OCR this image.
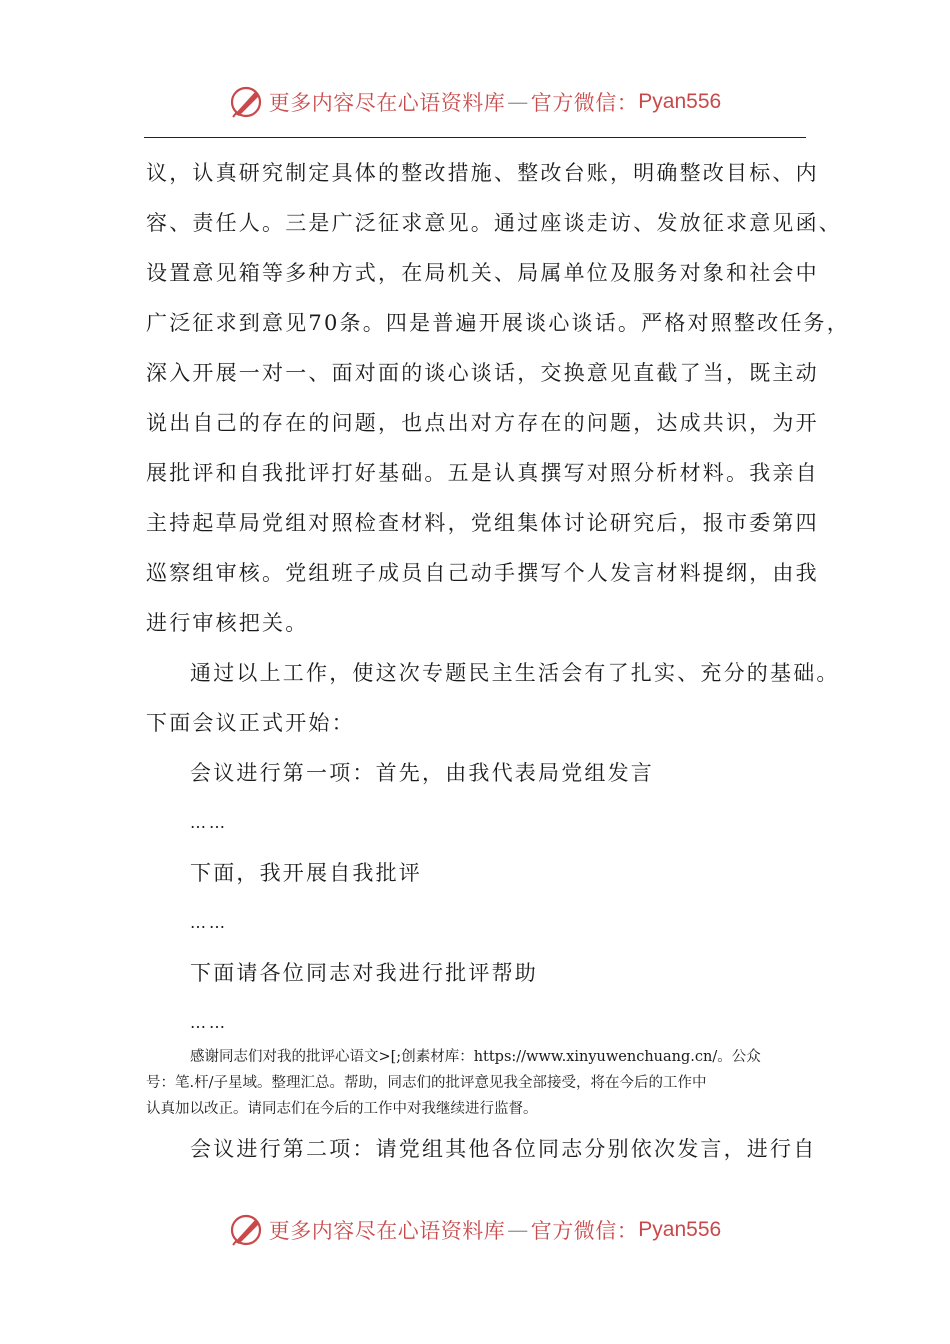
更多内容尽在心语资料库 — 官方微信： Pyan556
议，认真研究制定具体的整改措施、整改台账，明确整改目标、内
容、责任人。三是广泛征求意见。通过座谈走访、发放征求意见函、
设置意见箱等多种方式，在局机关、局属单位及服务对象和社会中
广泛征求到意见70条。四是普遍开展谈心谈话。严格对照整改任务，
深入开展一对一、面对面的谈心谈话，交换意见直截了当，既主动
说出自己的存在的问题，也点出对方存在的问题，达成共识，为开
展批评和自我批评打好基础。五是认真撰写对照分析材料。我亲自
主持起草局党组对照检查材料，党组集体讨论研究后，报市委第四
巡察组审核。党组班子成员自己动手撰写个人发言材料提纲，由我
进行审核把关。
通过以上工作，使这次专题民主生活会有了扎实、充分的基础。
下面会议正式开始：
会议进行第一项：首先，由我代表局党组发言
……
下面，我开展自我批评
……
下面请各位同志对我进行批评帮助
……
感谢同志们对我的批评心语文>[;创素材库：https://www.xinyuwenchuang.cn/。公众
号：笔.杆/子星域。整理汇总。帮助，同志们的批评意见我全部接受，将在今后的工作中
认真加以改正。请同志们在今后的工作中对我继续进行监督。
会议进行第二项：请党组其他各位同志分别依次发言，进行自
更多内容尽在心语资料库 — 官方微信： Pyan556
